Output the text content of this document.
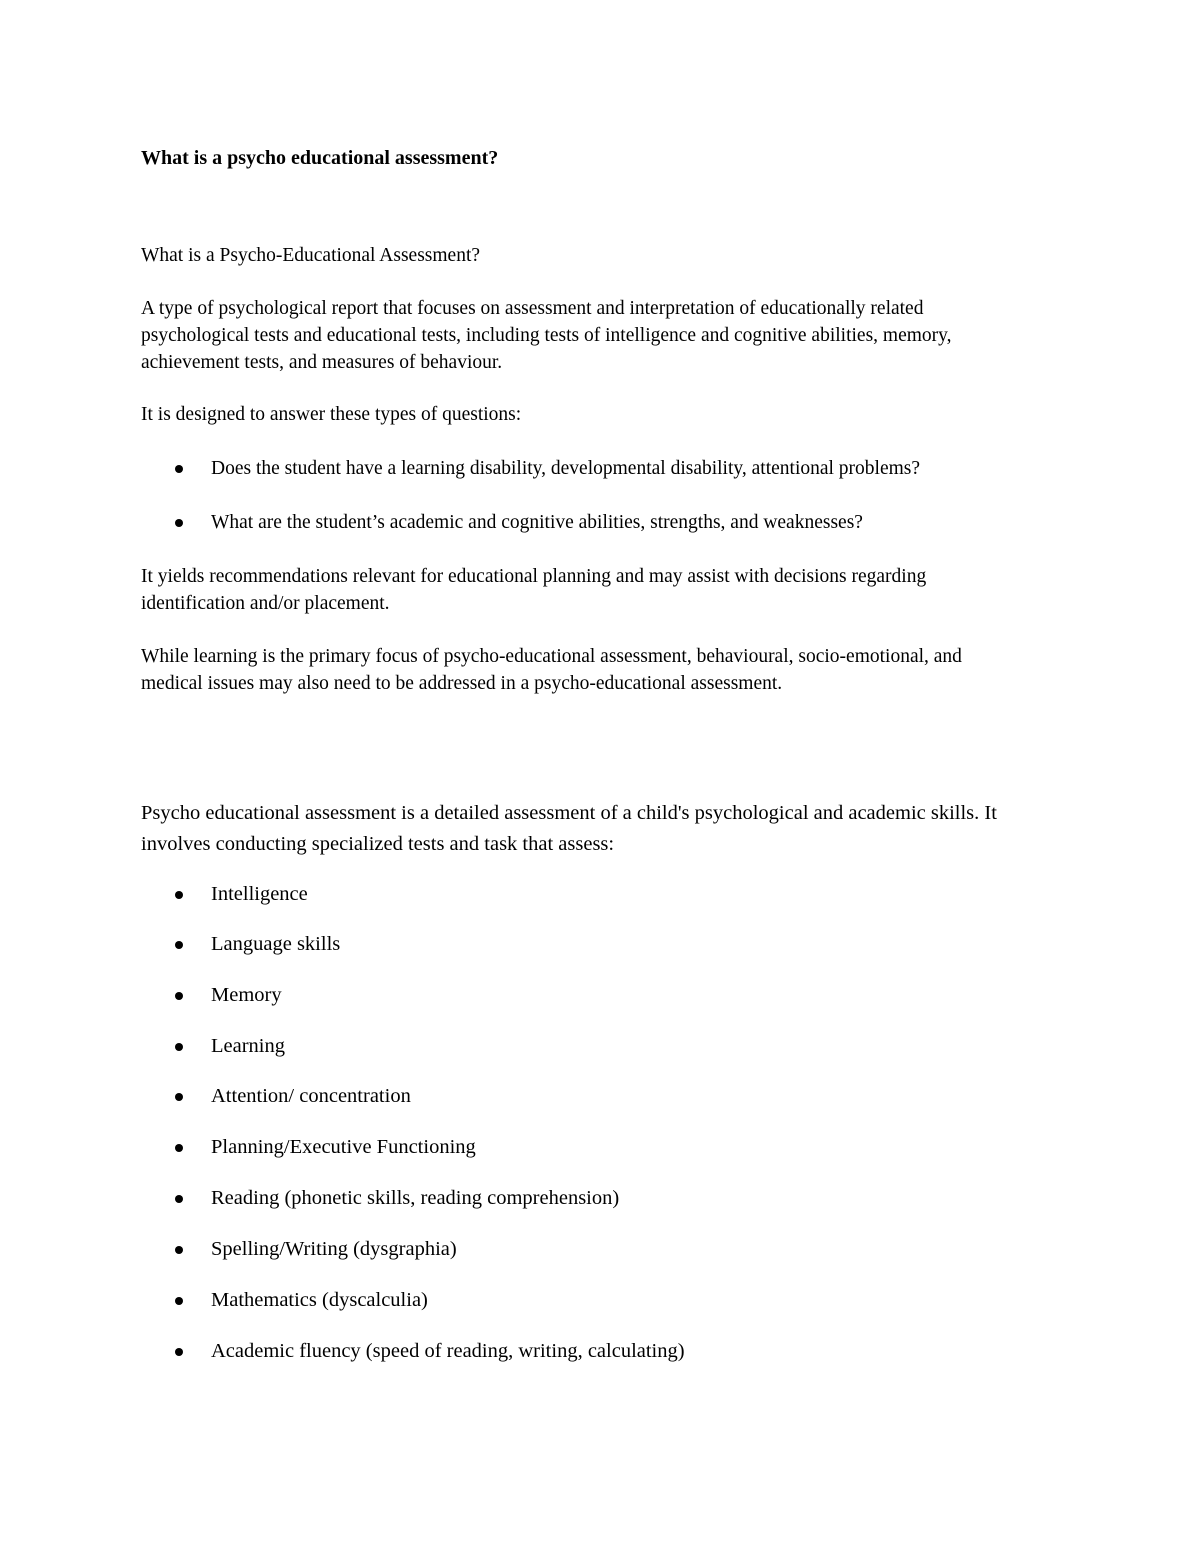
What is a psycho educational assessment?

What is a Psycho-Educational Assessment?

A type of psychological report that focuses on assessment and interpretation of educationally related psychological tests and educational tests, including tests of intelligence and cognitive abilities, memory, achievement tests, and measures of behaviour.

It is designed to answer these types of questions:

Does the student have a learning disability, developmental disability, attentional problems?
What are the student’s academic and cognitive abilities, strengths, and weaknesses?

It yields recommendations relevant for educational planning and may assist with decisions regarding identification and/or placement.

While learning is the primary focus of psycho-educational assessment, behavioural, socio-emotional, and medical issues may also need to be addressed in a psycho-educational assessment.

Psycho educational assessment is a detailed assessment of a child's psychological and academic skills. It involves conducting specialized tests and task that assess:

Intelligence
Language skills
Memory
Learning
Attention/ concentration
Planning/Executive Functioning
Reading (phonetic skills, reading comprehension)
Spelling/Writing (dysgraphia)
Mathematics (dyscalculia)
Academic fluency (speed of reading, writing, calculating)
